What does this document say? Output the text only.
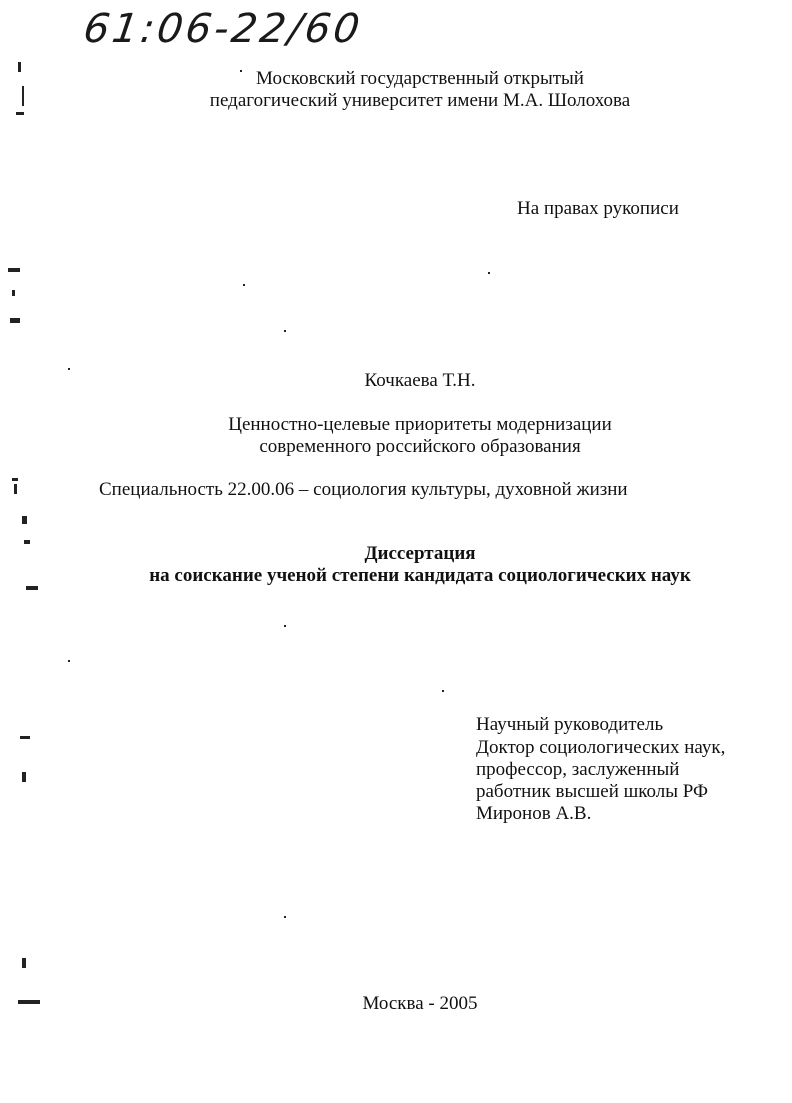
61:06-22/60
Московский государственный открытый
педагогический университет имени М.А. Шолохова
На правах рукописи
Кочкаева Т.Н.
Ценностно-целевые приоритеты модернизации
современного российского образования
Специальность 22.00.06 – социология культуры, духовной жизни
Диссертация
на соискание ученой степени кандидата социологических наук
Научный руководитель
Доктор социологических наук,
профессор, заслуженный
работник высшей школы РФ
Миронов А.В.
Москва - 2005
